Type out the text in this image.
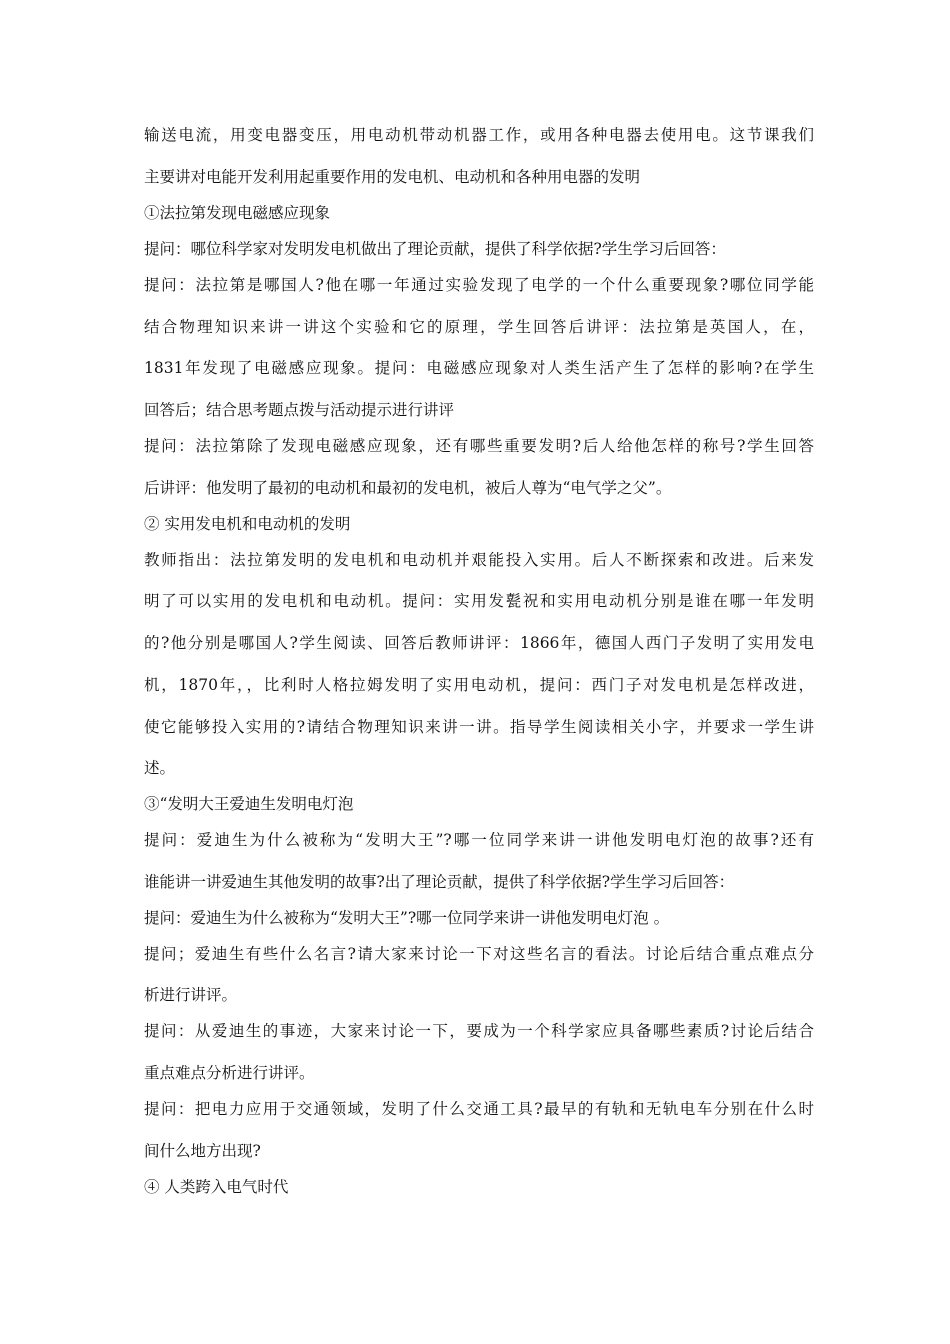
输送电流，用变电器变压，用电动机带动机器工作，或用各种电器去使用电。这节课我们
主要讲对电能开发利用起重要作用的发电机、电动机和各种用电器的发明
①法拉第发现电磁感应现象
提问：哪位科学家对发明发电机做出了理论贡献，提供了科学依据?学生学习后回答：
提问：法拉第是哪国人?他在哪一年通过实验发现了电学的一个什么重要现象?哪位同学能
结合物理知识来讲一讲这个实验和它的原理，学生回答后讲评：法拉第是英国人，在，
1831年发现了电磁感应现象。提问：电磁感应现象对人类生活产生了怎样的影响?在学生
回答后；结合思考题点拨与活动提示进行讲评
提问：法拉第除了发现电磁感应现象，还有哪些重要发明?后人给他怎样的称号?学生回答
后讲评：他发明了最初的电动机和最初的发电机，被后人尊为“电气学之父”。
② 实用发电机和电动机的发明
教师指出：法拉第发明的发电机和电动机并艰能投入实用。后人不断探索和改进。后来发
明了可以实用的发电机和电动机。提问：实用发甏祝和实用电动机分别是谁在哪一年发明
的?他分别是哪国人?学生阅读、回答后教师讲评：1866年，德国人西门子发明了实用发电
机，1870年，，比利时人格拉姆发明了实用电动机，提问：西门子对发电机是怎样改进，
使它能够投入实用的?请结合物理知识来讲一讲。指导学生阅读相关小字，并要求一学生讲
述。
③“发明大王爱迪生发明电灯泡
提问：爱迪生为什么被称为“发明大王”?哪一位同学来讲一讲他发明电灯泡的故事?还有
谁能讲一讲爱迪生其他发明的故事?出了理论贡献，提供了科学依据?学生学习后回答：
提问：爱迪生为什么被称为“发明大王”?哪一位同学来讲一讲他发明电灯泡 。
提问；爱迪生有些什么名言?请大家来讨论一下对这些名言的看法。讨论后结合重点难点分
析进行讲评。
提问：从爱迪生的事迹，大家来讨论一下，要成为一个科学家应具备哪些素质?讨论后结合
重点难点分析进行讲评。
提问：把电力应用于交通领域，发明了什么交通工具?最早的有轨和无轨电车分别在什么时
间什么地方出现?
④ 人类跨入电气时代
